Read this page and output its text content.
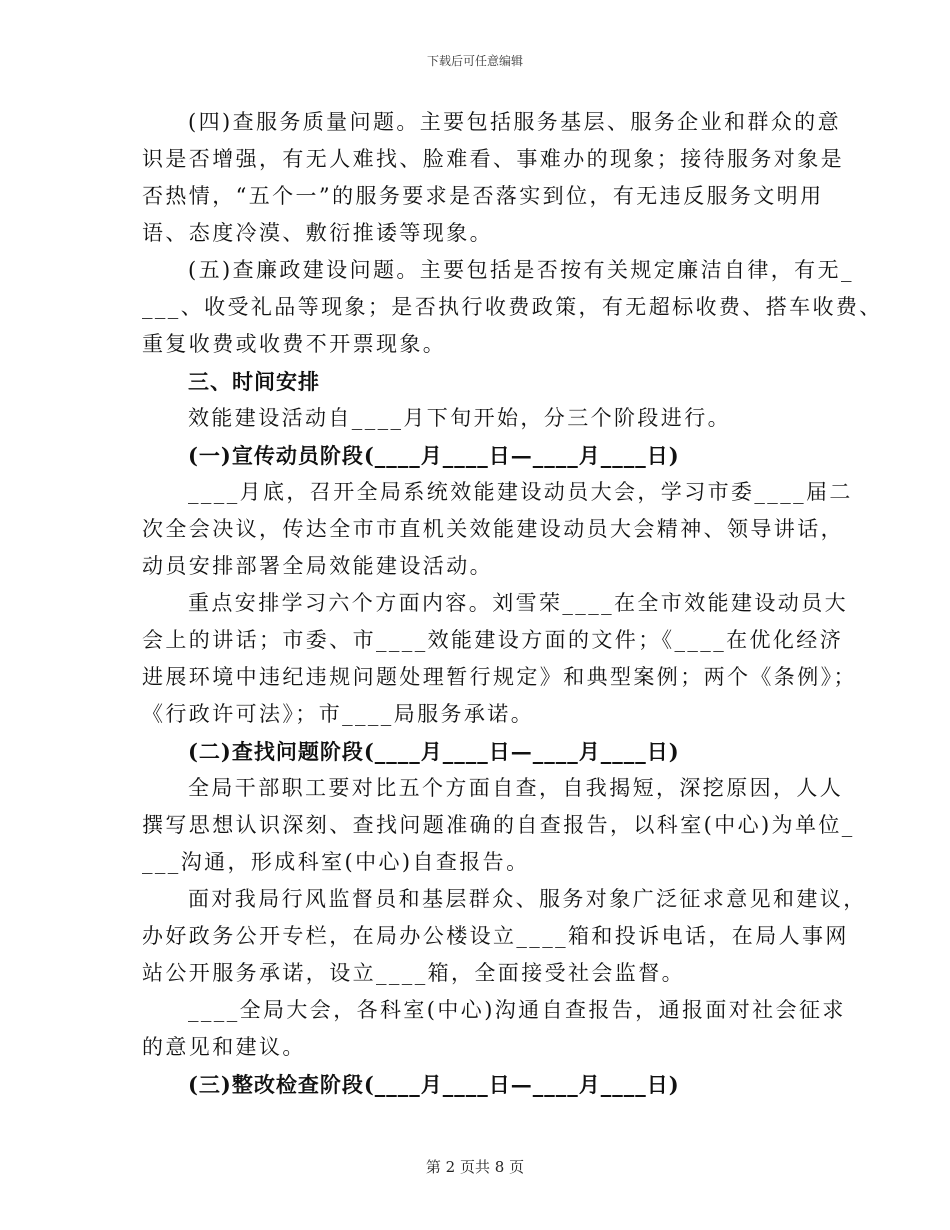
下载后可任意编辑
(四)查服务质量问题。主要包括服务基层、服务企业和群众的意
识是否增强，有无人难找、脸难看、事难办的现象；接待服务对象是
否热情，“五个一”的服务要求是否落实到位，有无违反服务文明用
语、态度冷漠、敷衍推诿等现象。
(五)查廉政建设问题。主要包括是否按有关规定廉洁自律，有无_
___、收受礼品等现象；是否执行收费政策，有无超标收费、搭车收费、
重复收费或收费不开票现象。
三、时间安排
效能建设活动自____月下旬开始，分三个阶段进行。
(一)宣传动员阶段(____月____日—____月____日)
____月底，召开全局系统效能建设动员大会，学习市委____届二
次全会决议，传达全市市直机关效能建设动员大会精神、领导讲话，
动员安排部署全局效能建设活动。
重点安排学习六个方面内容。刘雪荣____在全市效能建设动员大
会上的讲话；市委、市____效能建设方面的文件；《____在优化经济
进展环境中违纪违规问题处理暂行规定》和典型案例；两个《条例》；
《行政许可法》；市____局服务承诺。
(二)查找问题阶段(____月____日—____月____日)
全局干部职工要对比五个方面自查，自我揭短，深挖原因，人人
撰写思想认识深刻、查找问题准确的自查报告，以科室(中心)为单位_
___沟通，形成科室(中心)自查报告。
面对我局行风监督员和基层群众、服务对象广泛征求意见和建议，
办好政务公开专栏，在局办公楼设立____箱和投诉电话，在局人事网
站公开服务承诺，设立____箱，全面接受社会监督。
____全局大会，各科室(中心)沟通自查报告，通报面对社会征求
的意见和建议。
(三)整改检查阶段(____月____日—____月____日)
第 2 页共 8 页
